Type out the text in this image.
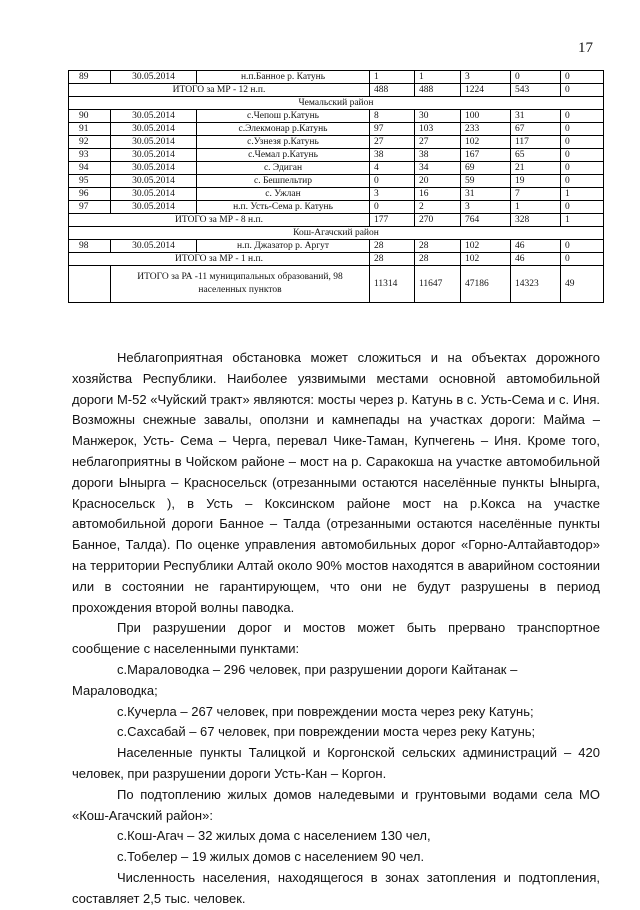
17
89	30.05.2014	н.п.Банное р. Катунь	1	1	3	0	0
ИТОГО за МР - 12 н.п.			488	488	1224	543	0
Чемальский район							
90	30.05.2014	с.Чепош р.Катунь	8	30	100	31	0
91	30.05.2014	с.Элекмонар р.Катунь	97	103	233	67	0
92	30.05.2014	с.Узнезя р.Катунь	27	27	102	117	0
93	30.05.2014	с.Чемал р.Катунь	38	38	167	65	0
94	30.05.2014	с. Эдиган	4	34	69	21	0
95	30.05.2014	с. Бешпельтир	0	20	59	19	0
96	30.05.2014	с. Ужлан	3	16	31	7	1
97	30.05.2014	н.п. Усть-Сема р. Катунь	0	2	3	1	0
ИТОГО за МР - 8 н.п.			177	270	764	328	1
Кош-Агачский район							
98	30.05.2014	н.п. Джазатор р. Аргут	28	28	102	46	0
ИТОГО за МР - 1 н.п.			28	28	102	46	0
	ИТОГО за РА -11 муниципальных образований, 98 населенных пунктов		11314	11647	47186	14323	49

Неблагоприятная обстановка может сложиться и на объектах дорожного хозяйства Республики. Наиболее уязвимыми местами основной автомобильной дороги М-52 «Чуйский тракт» являются: мосты через р. Катунь в с. Усть-Сема и с. Иня. Возможны снежные завалы, оползни и камнепады на участках дороги: Майма – Манжерок, Усть- Сема – Черга, перевал Чике-Таман, Купчегень – Иня. Кроме того, неблагоприятны в Чойском районе – мост на р. Саракокша на участке автомобильной дороги Ынырга – Красносельск (отрезанными остаются населённые пункты Ынырга, Красносельск ), в Усть – Коксинском районе мост на р.Кокса на участке автомобильной дороги Банное – Талда (отрезанными остаются населённые пункты Банное, Талда). По оценке управления автомобильных дорог «Горно-Алтайавтодор» на территории Республики Алтай около 90% мостов находятся в аварийном состоянии или в состоянии не гарантирующем, что они не будут разрушены в период прохождения второй волны паводка.

При разрушении дорог и мостов может быть прервано транспортное сообщение с населенными пунктами:

с.Мараловодка – 296 человек, при разрушении дороги Кайтанак –Мараловодка;

с.Кучерла – 267 человек, при повреждении моста через реку Катунь;

с.Сахсабай – 67 человек, при повреждении моста через реку Катунь;

Населенные пункты Талицкой и Коргонской сельских администраций – 420 человек, при разрушении дороги Усть-Кан – Коргон.

По подтоплению жилых домов наледевыми и грунтовыми водами села МО «Кош-Агачский район»:

с.Кош-Агач – 32 жилых дома с населением 130 чел,

с.Тобелер – 19 жилых домов с населением 90 чел.

Численность населения, находящегося в зонах затопления и подтопления, составляет 2,5 тыс. человек.
